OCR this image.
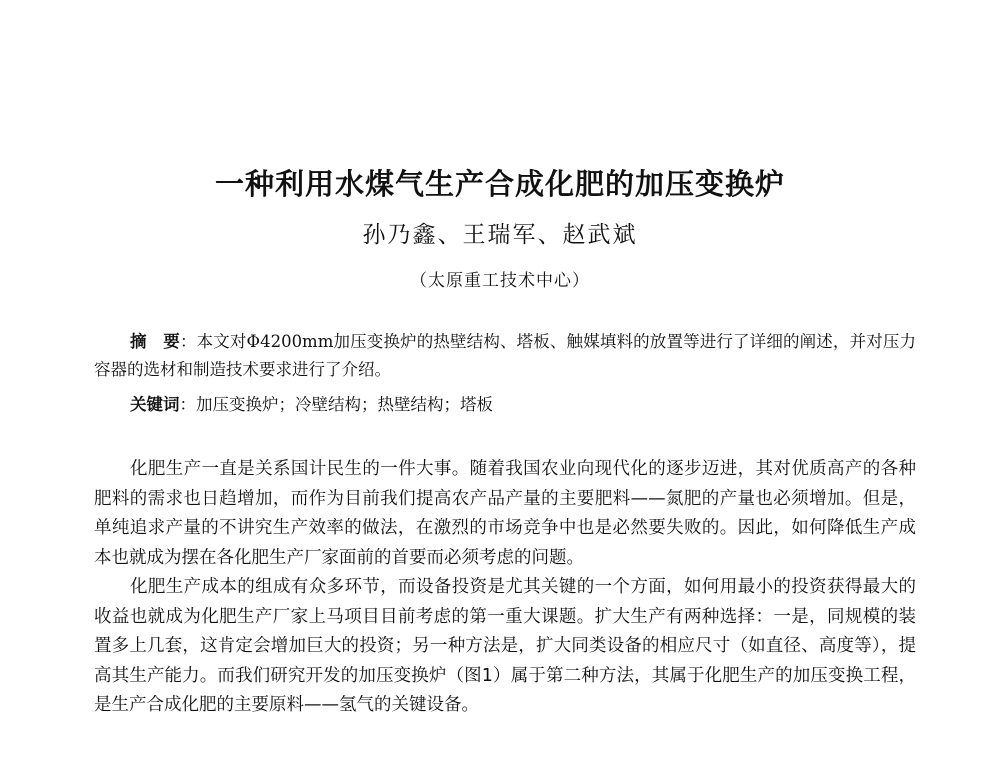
一种利用水煤气生产合成化肥的加压变换炉
孙乃鑫、王瑞军、赵武斌
（太原重工技术中心）
摘　要：本文对Φ4200mm加压变换炉的热壁结构、塔板、触媒填料的放置等进行了详细的阐述，并对压力容器的选材和制造技术要求进行了介绍。
关键词：加压变换炉；冷壁结构；热壁结构；塔板

化肥生产一直是关系国计民生的一件大事。随着我国农业向现代化的逐步迈进，其对优质高产的各种肥料的需求也日趋增加，而作为目前我们提高农产品产量的主要肥料——氮肥的产量也必须增加。但是，单纯追求产量的不讲究生产效率的做法，在激烈的市场竞争中也是必然要失败的。因此，如何降低生产成本也就成为摆在各化肥生产厂家面前的首要而必须考虑的问题。

化肥生产成本的组成有众多环节，而设备投资是尤其关键的一个方面，如何用最小的投资获得最大的收益也就成为化肥生产厂家上马项目目前考虑的第一重大课题。扩大生产有两种选择：一是，同规模的装置多上几套，这肯定会增加巨大的投资；另一种方法是，扩大同类设备的相应尺寸（如直径、高度等），提高其生产能力。而我们研究开发的加压变换炉（图1）属于第二种方法，其属于化肥生产的加压变换工程，是生产合成化肥的主要原料——氢气的关键设备。
